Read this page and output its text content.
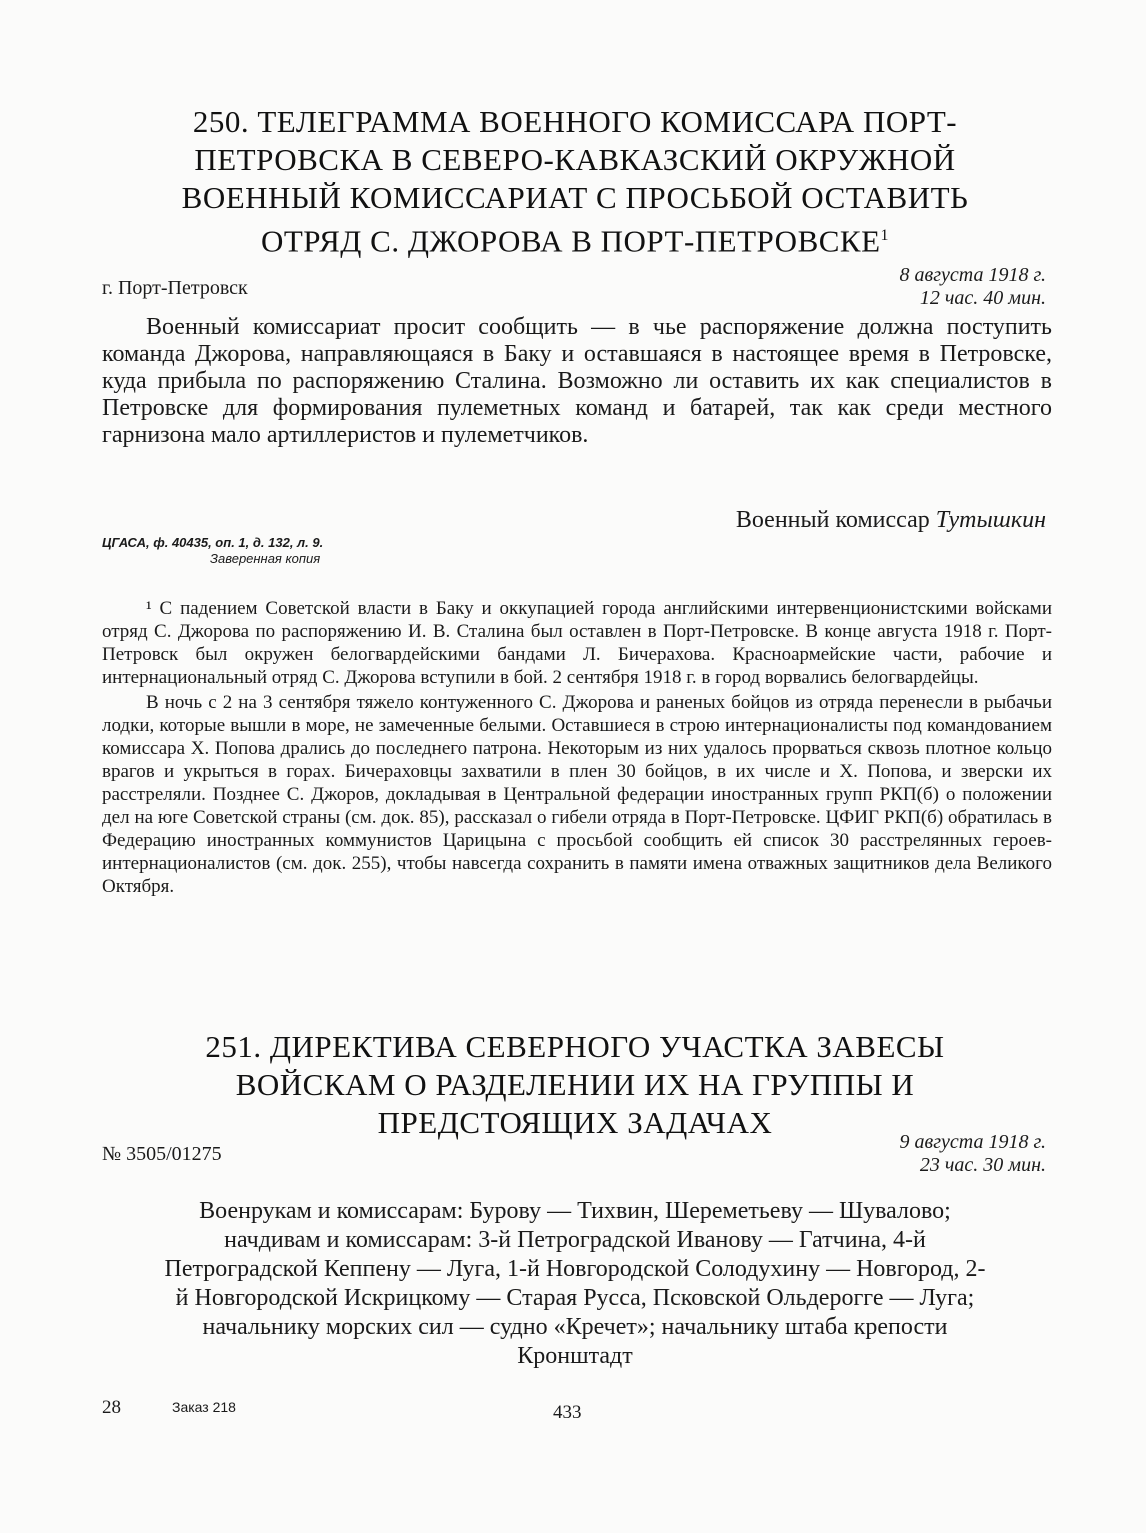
250. ТЕЛЕГРАММА ВОЕННОГО КОМИССАРА ПОРТ-ПЕТРОВСКА В СЕВЕРО-КАВКАЗСКИЙ ОКРУЖНОЙ ВОЕННЫЙ КОМИССАРИАТ С ПРОСЬБОЙ ОСТАВИТЬ ОТРЯД С. ДЖОРОВА В ПОРТ-ПЕТРОВСКЕ$^1$
г. Порт-Петровск
8 августа 1918 г.
12 час. 40 мин.

Военный комиссариат просит сообщить — в чье распоряжение должна поступить команда Джорова, направляющаяся в Баку и оставшаяся в настоящее время в Петровске, куда прибыла по распоряжению Сталина. Возможно ли оставить их как специалистов в Петровске для формирования пулеметных команд и батарей, так как среди местного гарнизона мало артиллеристов и пулеметчиков.

Военный комиссар Тутышкин
ЦГАСА, ф. 40435, оп. 1, д. 132, л. 9.
Заверенная копия

¹ С падением Советской власти в Баку и оккупацией города английскими интервенционистскими войсками отряд С. Джорова по распоряжению И. В. Сталина был оставлен в Порт-Петровске. В конце августа 1918 г. Порт-Петровск был окружен белогвардейскими бандами Л. Бичерахова. Красноармейские части, рабочие и интернациональный отряд С. Джорова вступили в бой. 2 сентября 1918 г. в город ворвались белогвардейцы.

В ночь с 2 на 3 сентября тяжело контуженного С. Джорова и раненых бойцов из отряда перенесли в рыбачьи лодки, которые вышли в море, не замеченные белыми. Оставшиеся в строю интернационалисты под командованием комиссара Х. Попова дрались до последнего патрона. Некоторым из них удалось прорваться сквозь плотное кольцо врагов и укрыться в горах. Бичераховцы захватили в плен 30 бойцов, в их числе и Х. Попова, и зверски их расстреляли. Позднее С. Джоров, докладывая в Центральной федерации иностранных групп РКП(б) о положении дел на юге Советской страны (см. док. 85), рассказал о гибели отряда в Порт-Петровске. ЦФИГ РКП(б) обратилась в Федерацию иностранных коммунистов Царицына с просьбой сообщить ей список 30 расстрелянных героев-интернационалистов (см. док. 255), чтобы навсегда сохранить в памяти имена отважных защитников дела Великого Октября.

251. ДИРЕКТИВА СЕВЕРНОГО УЧАСТКА ЗАВЕСЫ ВОЙСКАМ О РАЗДЕЛЕНИИ ИХ НА ГРУППЫ И ПРЕДСТОЯЩИХ ЗАДАЧАХ
№ 3505/01275
9 августа 1918 г.
23 час. 30 мин.
Военрукам и комиссарам: Бурову — Тихвин, Шереметьеву — Шувалово; начдивам и комиссарам: 3-й Петроградской Иванову — Гатчина, 4-й Петроградской Кеппену — Луга, 1-й Новгородской Солодухину — Новгород, 2-й Новгородской Искрицкому — Старая Русса, Псковской Ольдерогге — Луга; начальнику морских сил — судно «Кречет»; начальнику штаба крепости Кронштадт
28	Заказ 218	433
